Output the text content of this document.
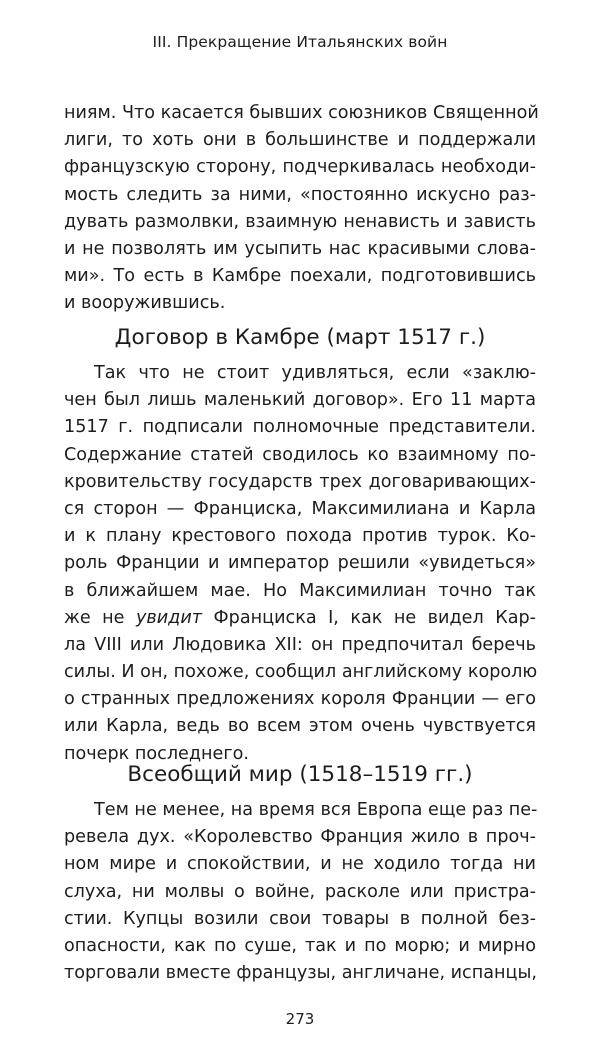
III. Прекращение Итальянских войн
ниям. Что касается бывших союзников Священной
лиги, то хоть они в большинстве и поддержали
французскую сторону, подчеркивалась необходи-
мость следить за ними, «постоянно искусно раз-
дувать размолвки, взаимную ненависть и зависть
и не позволять им усыпить нас красивыми слова-
ми». То есть в Камбре поехали, подготовившись
и вооружившись.
Договор в Камбре (март 1517 г.)
Так что не стоит удивляться, если «заклю-
чен был лишь маленький договор». Его 11 марта
1517 г. подписали полномочные представители.
Содержание статей сводилось ко взаимному по-
кровительству государств трех договаривающих-
ся сторон — Франциска, Максимилиана и Карла
и к плану крестового похода против турок. Ко-
роль Франции и император решили «увидеться»
в ближайшем мае. Но Максимилиан точно так
же не увидит Франциска I, как не видел Кар-
ла VIII или Людовика XII: он предпочитал беречь
силы. И он, похоже, сообщил английскому королю
о странных предложениях короля Франции — его
или Карла, ведь во всем этом очень чувствуется
почерк последнего.
Всеобщий мир (1518–1519 гг.)
Тем не менее, на время вся Европа еще раз пе-
ревела дух. «Королевство Франция жило в проч-
ном мире и спокойствии, и не ходило тогда ни
слуха, ни молвы о войне, расколе или пристра-
стии. Купцы возили свои товары в полной без-
опасности, как по суше, так и по морю; и мирно
торговали вместе французы, англичане, испанцы,
273
